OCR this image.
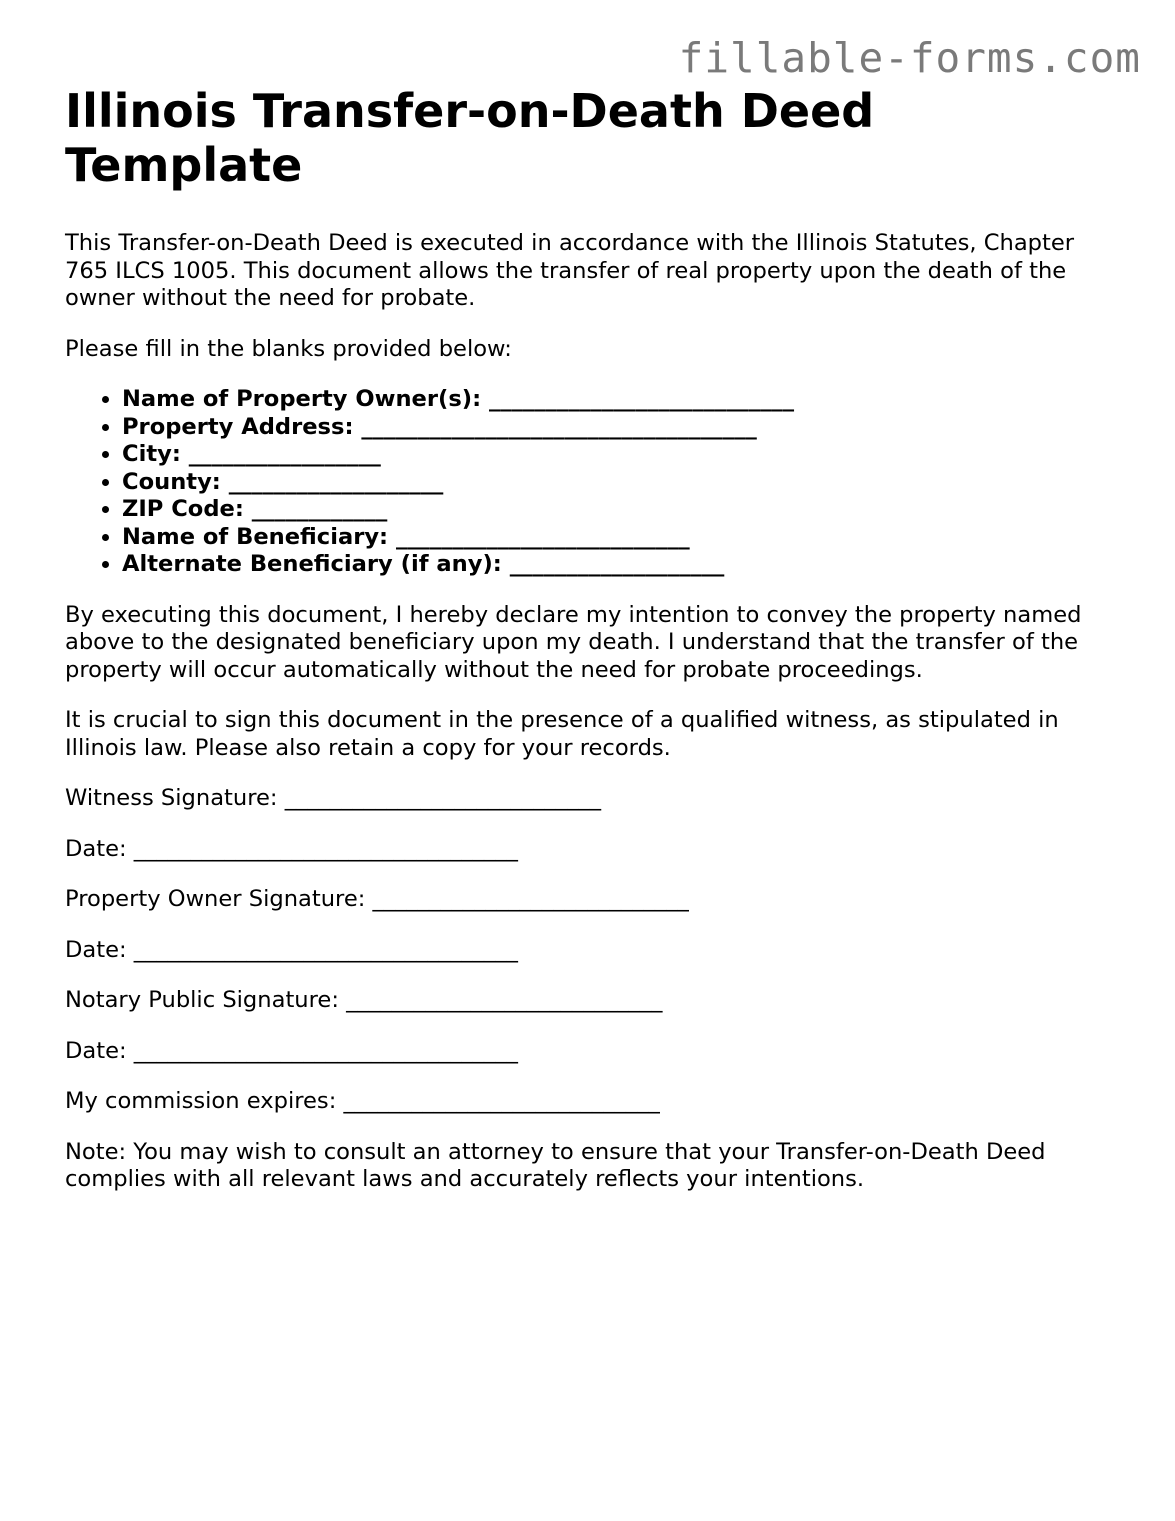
fillable-forms.com
Illinois Transfer-on-Death Deed Template

This Transfer-on-Death Deed is executed in accordance with the Illinois Statutes, Chapter 765 ILCS 1005. This document allows the transfer of real property upon the death of the owner without the need for probate.

Please fill in the blanks provided below:

• Name of Property Owner(s): ___________________________
• Property Address: ___________________________________
• City: _________________
• County: ___________________
• ZIP Code: ____________
• Name of Beneficiary: __________________________
• Alternate Beneficiary (if any): ___________________

By executing this document, I hereby declare my intention to convey the property named above to the designated beneficiary upon my death. I understand that the transfer of the property will occur automatically without the need for probate proceedings.

It is crucial to sign this document in the presence of a qualified witness, as stipulated in Illinois law. Please also retain a copy for your records.

Witness Signature: ____________________________

Date: __________________________________

Property Owner Signature: ____________________________

Date: __________________________________

Notary Public Signature: ____________________________

Date: __________________________________

My commission expires: ____________________________

Note: You may wish to consult an attorney to ensure that your Transfer-on-Death Deed complies with all relevant laws and accurately reflects your intentions.
